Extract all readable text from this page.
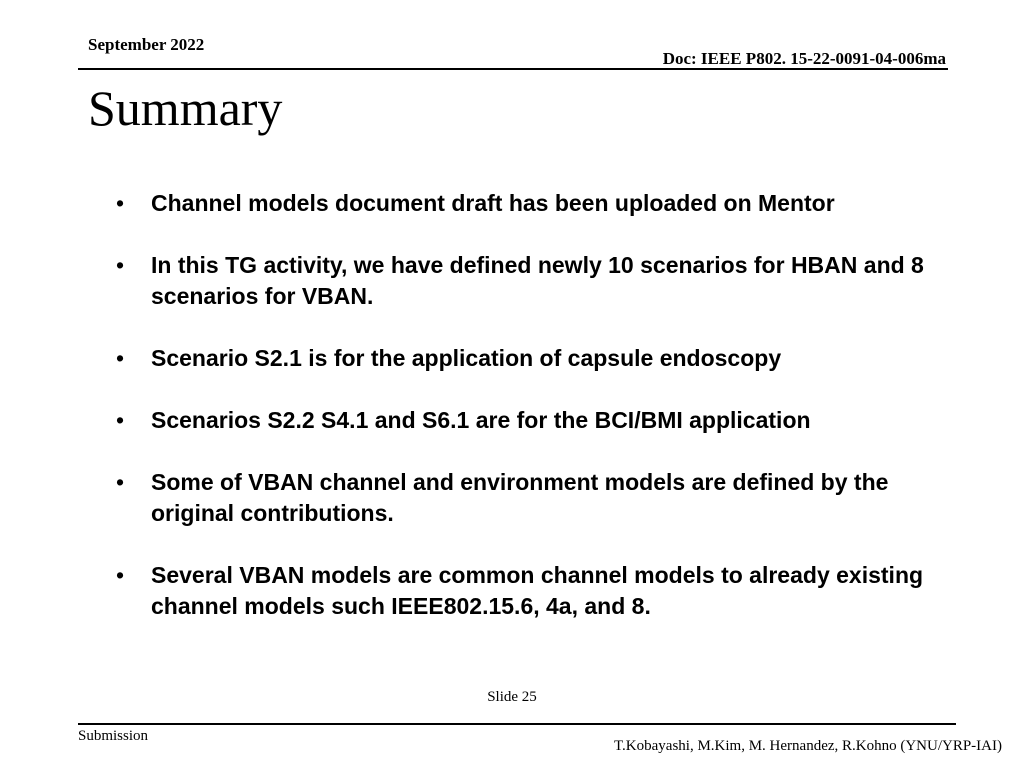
September 2022
Doc: IEEE P802. 15-22-0091-04-006ma
Summary
• Channel models document draft has been uploaded on Mentor
• In this TG activity, we have defined newly 10 scenarios for HBAN and 8 scenarios for VBAN.
• Scenario S2.1 is for the application of capsule endoscopy
• Scenarios S2.2 S4.1 and S6.1 are for the BCI/BMI application
• Some of VBAN channel and environment models are defined by the original contributions.
• Several VBAN models are common channel models to already existing channel models such IEEE802.15.6, 4a, and 8.
Slide 25
Submission
T.Kobayashi, M.Kim, M. Hernandez, R.Kohno (YNU/YRP-IAI)
